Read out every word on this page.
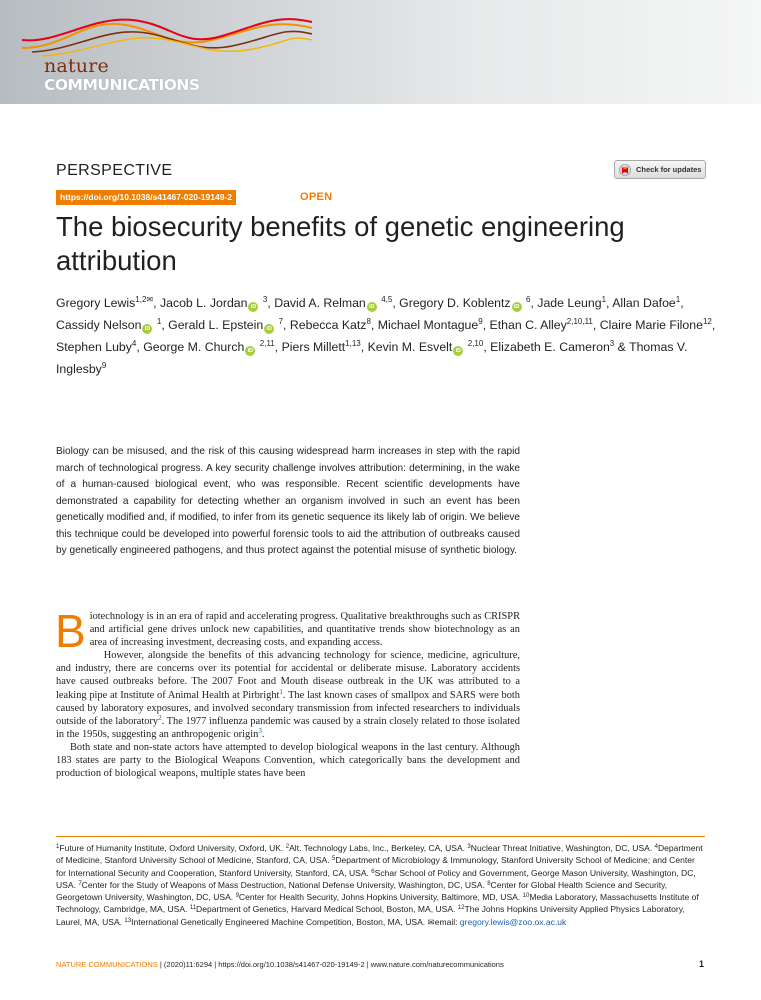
nature
COMMUNICATIONS
PERSPECTIVE	Check for updates
https://doi.org/10.1038/s41467-020-19149-2	OPEN
The biosecurity benefits of genetic engineering attribution
Gregory Lewis$^{1,2✉}$, Jacob L. Jordan iD $^3$, David A. Relman iD $^{4,5}$, Gregory D. Koblentz iD $^6$, Jade Leung$^1$, Allan Dafoe$^1$, Cassidy Nelson iD $^1$, Gerald L. Epstein iD $^7$, Rebecca Katz$^8$, Michael Montague$^9$, Ethan C. Alley$^{2,10,11}$, Claire Marie Filone$^{12}$, Stephen Luby$^4$, George M. Church iD $^{2,11}$, Piers Millett$^{1,13}$, Kevin M. Esvelt iD $^{2,10}$, Elizabeth E. Cameron$^3$ & Thomas V. Inglesby$^9$
Biology can be misused, and the risk of this causing widespread harm increases in step with the rapid march of technological progress. A key security challenge involves attribution: determining, in the wake of a human-caused biological event, who was responsible. Recent scientific developments have demonstrated a capability for detecting whether an organism involved in such an event has been genetically modified and, if modified, to infer from its genetic sequence its likely lab of origin. We believe this technique could be developed into powerful forensic tools to aid the attribution of outbreaks caused by genetically engineered pathogens, and thus protect against the potential misuse of synthetic biology.

Biotechnology is in an era of rapid and accelerating progress. Qualitative breakthroughs such as CRISPR and artificial gene drives unlock new capabilities, and quantitative trends show biotechnology as an area of increasing investment, decreasing costs, and expanding access.

However, alongside the benefits of this advancing technology for science, medicine, agriculture, and industry, there are concerns over its potential for accidental or deliberate misuse. Laboratory accidents have caused outbreaks before. The 2007 Foot and Mouth disease outbreak in the UK was attributed to a leaking pipe at Institute of Animal Health at Pirbright$^1$. The last known cases of smallpox and SARS were both caused by laboratory exposures, and involved secondary transmission from infected researchers to individuals outside of the laboratory$^2$. The 1977 influenza pandemic was caused by a strain closely related to those isolated in the 1950s, suggesting an anthropogenic origin$^3$.

Both state and non-state actors have attempted to develop biological weapons in the last century. Although 183 states are party to the Biological Weapons Convention, which categorically bans the development and production of biological weapons, multiple states have been

$^1$Future of Humanity Institute, Oxford University, Oxford, UK. $^2$Alt. Technology Labs, Inc., Berkeley, CA, USA. $^3$Nuclear Threat Initiative, Washington, DC, USA. $^4$Department of Medicine, Stanford University School of Medicine, Stanford, CA, USA. $^5$Department of Microbiology & Immunology, Stanford University School of Medicine; and Center for International Security and Cooperation, Stanford University, Stanford, CA, USA. $^6$Schar School of Policy and Government, George Mason University, Washington, DC, USA. $^7$Center for the Study of Weapons of Mass Destruction, National Defense University, Washington, DC, USA. $^8$Center for Global Health Science and Security, Georgetown University, Washington, DC, USA. $^9$Center for Health Security, Johns Hopkins University, Baltimore, MD, USA. $^{10}$Media Laboratory, Massachusetts Institute of Technology, Cambridge, MA, USA. $^{11}$Department of Genetics, Harvard Medical School, Boston, MA, USA. $^{12}$The Johns Hopkins University Applied Physics Laboratory, Laurel, MA, USA. $^{13}$International Genetically Engineered Machine Competition, Boston, MA, USA. ✉email: gregory.lewis@zoo.ox.ac.uk
NATURE COMMUNICATIONS | (2020)11:6294 | https://doi.org/10.1038/s41467-020-19149-2 | www.nature.com/naturecommunications	1
